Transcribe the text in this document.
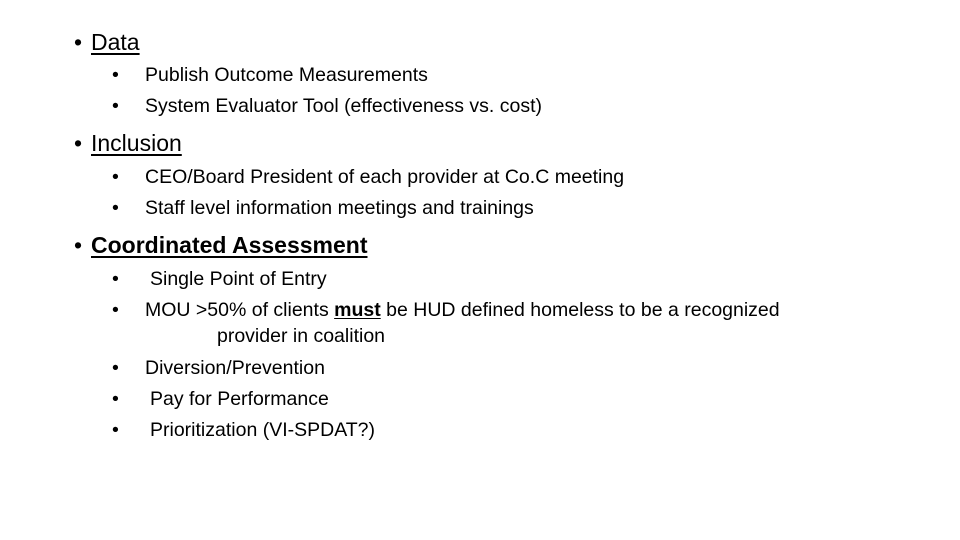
• Data
• Publish Outcome Measurements
• System Evaluator Tool (effectiveness vs. cost)
• Inclusion
• CEO/Board President of each provider at Co.C meeting
• Staff level information meetings and trainings
• Coordinated Assessment
• Single Point of Entry
• MOU >50% of clients must be HUD defined homeless to be a recognized
provider in coalition
• Diversion/Prevention
• Pay for Performance
• Prioritization (VI-SPDAT?)
